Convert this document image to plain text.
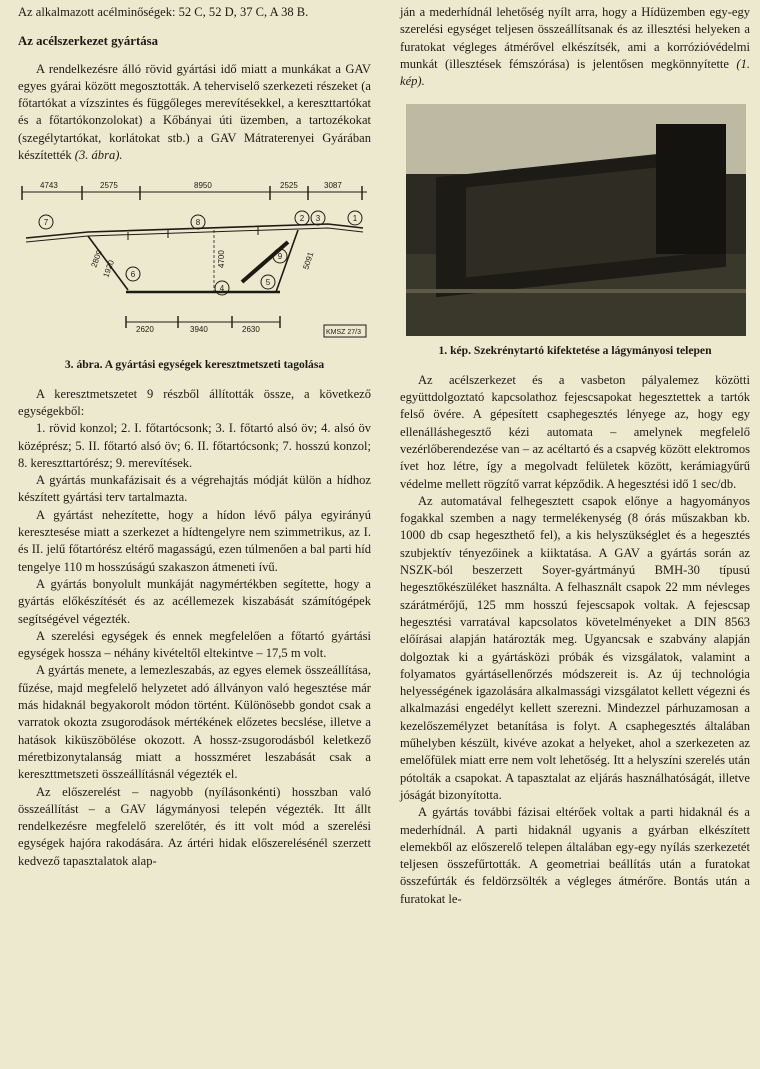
Az alkalmazott acélminőségek: 52 C, 52 D, 37 C, A 38 B.

Az acélszerkezet gyártása

A rendelkezésre álló rövid gyártási idő miatt a munkákat a GAV egyes gyárai között megosztották. A teherviselő szerkezeti részeket (a főtartókat a vízszintes és függőleges merevítésekkel, a kereszttartókat és a főtartókonzolokat) a Kőbányai úti üzemben, a tartozékokat (szegélytartókat, korlátokat stb.) a GAV Mátraterenyei Gyárában készítették (3. ábra).

4743	2575	8950	2525	3087
4700
1920
2809	5091
1
2 3
4
5
6
7	8
9
2620	3940	2630	KMSZ 27/3
3. ábra. A gyártási egységek keresztmetszeti tagolása

A keresztmetszetet 9 részből állították össze, a következő egységekből:

1. rövid konzol; 2. I. főtartócsonk; 3. I. főtartó alsó öv; 4. alsó öv középrész; 5. II. főtartó alsó öv; 6. II. főtartócsonk; 7. hosszú konzol; 8. kereszttartórész; 9. merevítések.

A gyártás munkafázisait és a végrehajtás módját külön a hídhoz készített gyártási terv tartalmazta.

A gyártást nehezítette, hogy a hídon lévő pálya egyirányú keresztesése miatt a szerkezet a hídtengelyre nem szimmetrikus, az I. és II. jelű főtartórész eltérő magasságú, ezen túlmenően a bal parti híd tengelye 110 m hosszúságú szakaszon átmeneti ívű.

A gyártás bonyolult munkáját nagymértékben segítette, hogy a gyártás előkészítését és az acéllemezek kiszabását számítógépek segítségével végezték.

A szerelési egységek és ennek megfelelően a főtartó gyártási egységek hossza – néhány kivételtől eltekintve – 17,5 m volt.

A gyártás menete, a lemezleszabás, az egyes elemek összeállítása, fűzése, majd megfelelő helyzetet adó állványon való hegesztése már más hidaknál begyakorolt módon történt. Különösebb gondot csak a varratok okozta zsugorodások mértékének előzetes becslése, illetve a hatások kiküszöbölése okozott. A hossz-zsugorodásból keletkező méretbizonytalanság miatt a hosszméret leszabását csak a kereszttmetszeti összeállításnál végezték el.

Az előszerelést – nagyobb (nyílásonkénti) hosszban való összeállítást – a GAV lágymányosi telepén végezték. Itt állt rendelkezésre megfelelő szerelőtér, és itt volt mód a szerelési egységek hajóra rakodására. Az ártéri hidak előszerelésénél szerzett kedvező tapasztalatok alap-

ján a mederhídnál lehetőség nyílt arra, hogy a Hídüzemben egy-egy szerelési egységet teljesen összeállítsanak és az illesztési helyeken a furatokat végleges átmérővel elkészítsék, ami a korrózióvédelmi munkát (illesztések fémszórása) is jelentősen megkönnyítette (1. kép).

1. kép. Szekrénytartó kifektetése a lágymányosi telepen

Az acélszerkezet és a vasbeton pályalemez közötti együttdolgoztató kapcsolathoz fejescsapokat hegesztettek a tartók felső övére. A gépesített csaphegesztés lényege az, hogy egy ellenálláshegesztő kézi automata – amelynek megfelelő vezérlőberendezése van – az acéltartó és a csapvég között elektromos ívet hoz létre, így a megolvadt felületek között, kerámiagyűrű védelme mellett rögzítő varrat képződik. A hegesztési idő 1 sec/db.

Az automatával felhegesztett csapok előnye a hagyományos fogakkal szemben a nagy termelékenység (8 órás műszakban kb. 1000 db csap hegeszthető fel), a kis helyszükséglet és a hegesztés szubjektív tényezőinek a kiiktatása. A GAV a gyártás során az NSZK-ból beszerzett Soyer-gyártmányú BMH-30 típusú hegesztőkészüléket használta. A felhasznált csapok 22 mm névleges szárátmérőjű, 125 mm hosszú fejescsapok voltak. A fejescsap hegesztési varratával kapcsolatos követelményeket a DIN 8563 előírásai alapján határozták meg. Ugyancsak e szabvány alapján dolgoztak ki a gyártásközi próbák és vizsgálatok, valamint a folyamatos gyártásellenőrzés módszereit is. Az új technológia helyességének igazolására alkalmassági vizsgálatot kellett végezni és alkalmazási engedélyt kellett szerezni. Mindezzel párhuzamosan a kezelőszemélyzet betanítása is folyt. A csaphegesztés általában műhelyben készült, kivéve azokat a helyeket, ahol a szerkezeten az emelőfülek miatt erre nem volt lehetőség. Itt a helyszíni szerelés után pótolták a csapokat. A tapasztalat az eljárás használhatóságát, illetve jóságát bizonyította.

A gyártás további fázisai eltérőek voltak a parti hidaknál és a mederhídnál. A parti hidaknál ugyanis a gyárban elkészített elemekből az előszerelő telepen általában egy-egy nyílás szerkezetét teljesen összefűrtották. A geometriai beállítás után a furatokat összefúrták és feldörzsölték a végleges átmérőre. Bontás után a furatokat le-
